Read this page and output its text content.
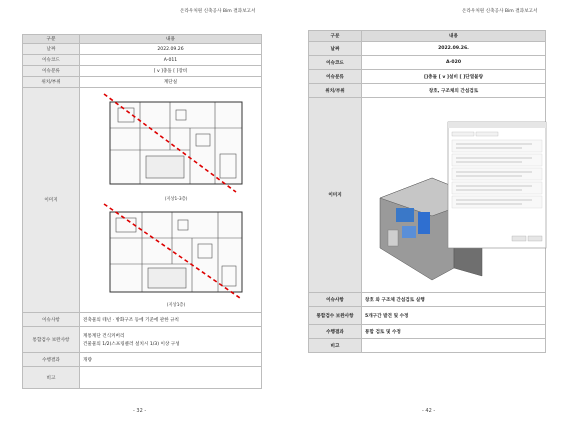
온라우처원 신축공사 Bim 결과보고서
구분	내용
날짜	2022.09.26
이슈코드	A-011
이슈분류	[ v ]충돌 [ ]장비
위치/부위	계단실
이미지	(지상1-3층)
(지상1층)

이슈사항	전축물의 테넌 · 방화구조 등에 기준에 관한 규칙
통합검수 보완사항	계통계단 건식커버리
건물물의 1/2(스프링클러 설치시 1/3) 이상 구성

수행결과	개량
비고	
- 32 -
온라우처원 신축공사 Bim 결과보고서
구분	내용
날짜	2022.09.26.
이슈코드	A-020
이슈분류	[]충돌 [ v ]설비 [ ]단열불량
위치/부위	창호, 구조체의 간섭검토
이미지	

이슈사항	창호 와 구조체 간섭검토 실행
통합검수 보완사항	5개구간 발견 및 수정
수행결과	통합 검토 및 수정
비고	
- 42 -
